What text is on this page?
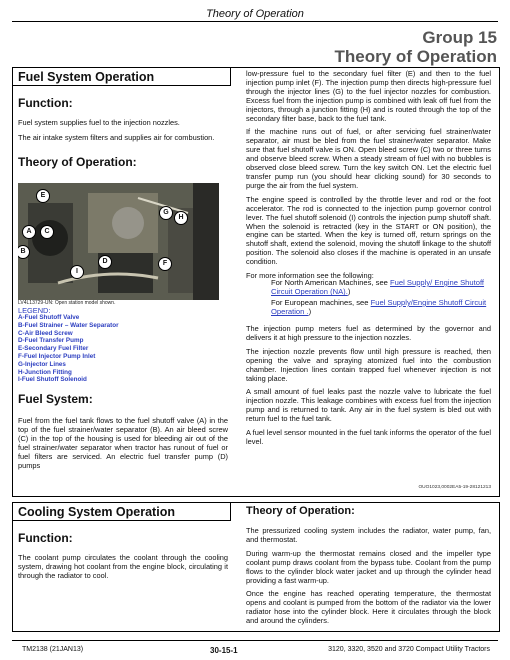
Theory of Operation
Group 15
Theory of Operation
Fuel System Operation
Function:

Fuel system supplies fuel to the injection nozzles.

The air intake system filters and supplies air for combustion.

Theory of Operation:
E
G
H
A	C
B
D	F
I
LV4L13729-UN: Open station model shown.
LEGEND:
A-Fuel Shutoff Valve
B-Fuel Strainer – Water Separator
C-Air Bleed Screw
D-Fuel Transfer Pump
E-Secondary Fuel Filter
F-Fuel Injector Pump Inlet
G-Injector Lines
H-Junction Fitting
I-Fuel Shutoff Solenoid
Fuel System:

Fuel from the fuel tank flows to the fuel shutoff valve (A) in the top of the fuel strainer/water separator (B). An air bleed screw (C) in the top of the housing is used for bleeding air out of the fuel strainer/water separator when tractor has runout of fuel or fuel filters are serviced. An electric fuel transfer pump (D) pumps

low-pressure fuel to the secondary fuel filter (E) and then to the fuel injection pump inlet (F). The injection pump then directs high-pressure fuel through the injector lines (G) to the fuel injector nozzles for combustion. Excess fuel from the injection pump is combined with leak off fuel from the injectors, through a junction fitting (H) and is routed through the top of the secondary filter base, back to the fuel tank.

If the machine runs out of fuel, or after servicing fuel strainer/water separator, air must be bled from the fuel strainer/water separator. Make sure that fuel shutoff valve is ON. Open bleed screw (C) two or three turns and observe bleed screw. When a steady stream of fuel with no bubbles is observed close bleed screw. Turn the key switch ON. Let the electric fuel transfer pump run (you should hear clicking sound) for 30 seconds to purge the air from the fuel system.

The engine speed is controlled by the throttle lever and rod or the foot accelerator. The rod is connected to the injection pump governor control lever. The fuel shutoff solenoid (I) controls the injection pump shutoff shaft. When the solenoid is retracted (key in the START or ON position), the engine can be started. When the key is turned off, return springs on the shutoff shaft, extend the solenoid, moving the shutoff linkage to the shutoff position. The solenoid also closes if the machine is operated in an unsafe condition.

For more information see the following:

For North American Machines, see Fuel Supply/ Engine Shutoff Circuit Operation (NA).)
For European machines, see Fuel Supply/Engine Shutoff Circuit Operation .)

The injection pump meters fuel as determined by the governor and delivers it at high pressure to the injection nozzles.

The injection nozzle prevents flow until high pressure is reached, then opening the valve and spraying atomized fuel into the combustion chamber. Injection lines contain trapped fuel whenever injection is not taking place.

A small amount of fuel leaks past the nozzle valve to lubricate the fuel injection nozzle. This leakage combines with excess fuel from the injection pump and is returned to tank. Any air in the fuel system is bled out with return fuel to the fuel tank.

A fuel level sensor mounted in the fuel tank informs the operator of the fuel level.

OUO1023,0002EA5-19-28121213
Cooling System Operation
Function:

The coolant pump circulates the coolant through the cooling system, drawing hot coolant from the engine block, circulating it through the radiator to cool.

Theory of Operation:

The pressurized cooling system includes the radiator, water pump, fan, and thermostat.

During warm-up the thermostat remains closed and the impeller type coolant pump draws coolant from the bypass tube. Coolant from the pump flows to the cylinder block water jacket and up through the cylinder head providing a fast warm-up.

Once the engine has reached operating temperature, the thermostat opens and coolant is pumped from the bottom of the radiator via the lower radiator hose into the cylinder block. Here it circulates through the block and around the cylinders.

TM2138 (21JAN13)	30-15-1	3120, 3320, 3520 and 3720 Compact Utility Tractors
